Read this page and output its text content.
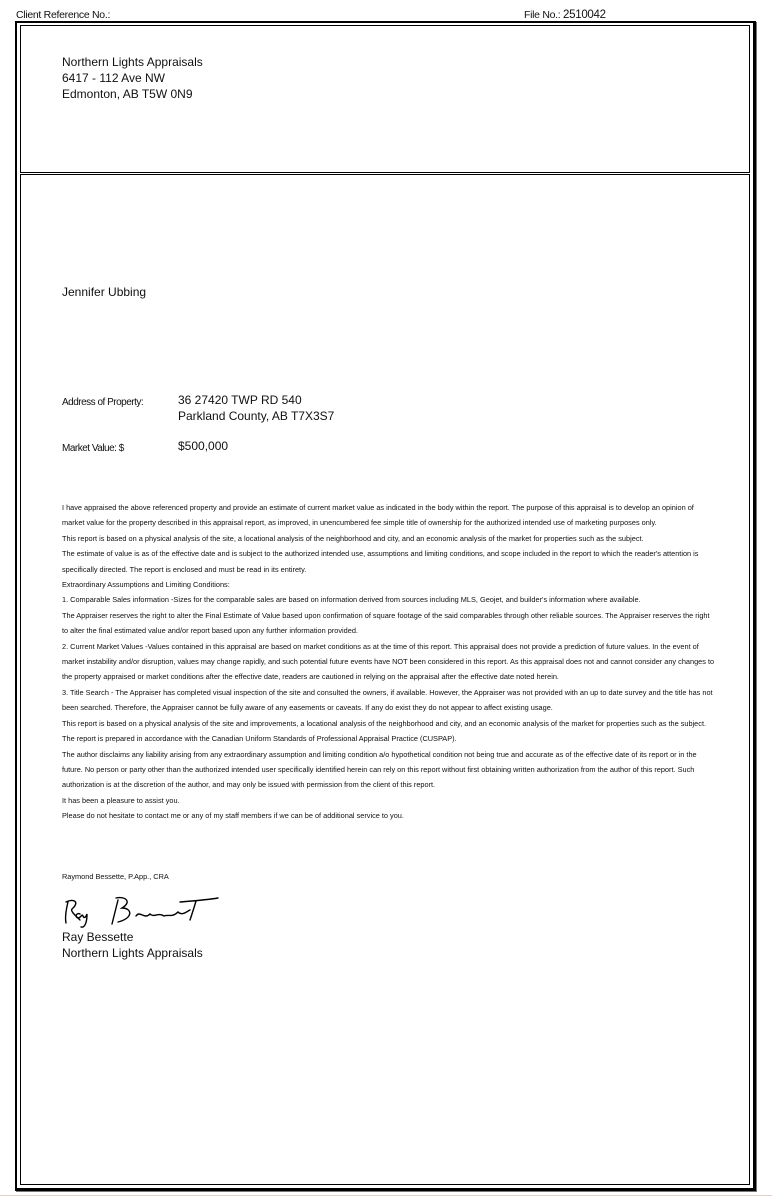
Client Reference No.:	File No.: 2510042
Northern Lights Appraisals
6417 - 112 Ave NW
Edmonton, AB T5W 0N9
Jennifer Ubbing
Address of Property:	36 27420 TWP RD 540
Parkland County, AB T7X3S7
Market Value: $	$500,000

I have appraised the above referenced property and provide an estimate of current market value as indicated in the body within the report. The purpose of this appraisal is to develop an opinion of market value for the property described in this appraisal report, as improved, in unencumbered fee simple title of ownership for the authorized intended use of marketing purposes only.

This report is based on a physical analysis of the site, a locational analysis of the neighborhood and city, and an economic analysis of the market for properties such as the subject.

The estimate of value is as of the effective date and is subject to the authorized intended use, assumptions and limiting conditions, and scope included in the report to which the reader's attention is specifically directed. The report is enclosed and must be read in its entirety.

Extraordinary Assumptions and Limiting Conditions:

1. Comparable Sales information -Sizes for the comparable sales are based on information derived from sources including MLS, Geojet, and builder's information where available.

The Appraiser reserves the right to alter the Final Estimate of Value based upon confirmation of square footage of the said comparables through other reliable sources. The Appraiser reserves the right to alter the final estimated value and/or report based upon any further information provided.

2. Current Market Values -Values contained in this appraisal are based on market conditions as at the time of this report. This appraisal does not provide a prediction of future values. In the event of market instability and/or disruption, values may change rapidly, and such potential future events have NOT been considered in this report. As this appraisal does not and cannot consider any changes to the property appraised or market conditions after the effective date, readers are cautioned in relying on the appraisal after the effective date noted herein.

3. Title Search - The Appraiser has completed visual inspection of the site and consulted the owners, if available. However, the Appraiser was not provided with an up to date survey and the title has not been searched. Therefore, the Appraiser cannot be fully aware of any easements or caveats. If any do exist they do not appear to affect existing usage.

This report is based on a physical analysis of the site and improvements, a locational analysis of the neighborhood and city, and an economic analysis of the market for properties such as the subject. The report is prepared in accordance with the Canadian Uniform Standards of Professional Appraisal Practice (CUSPAP).

The author disclaims any liability arising from any extraordinary assumption and limiting condition a/o hypothetical condition not being true and accurate as of the effective date of its report or in the future. No person or party other than the authorized intended user specifically identified herein can rely on this report without first obtaining written authorization from the author of this report. Such authorization is at the discretion of the author, and may only be issued with permission from the client of this report.

It has been a pleasure to assist you.

Please do not hesitate to contact me or any of my staff members if we can be of additional service to you.

Raymond Bessette, P.App., CRA
Ray Bessette
Northern Lights Appraisals
